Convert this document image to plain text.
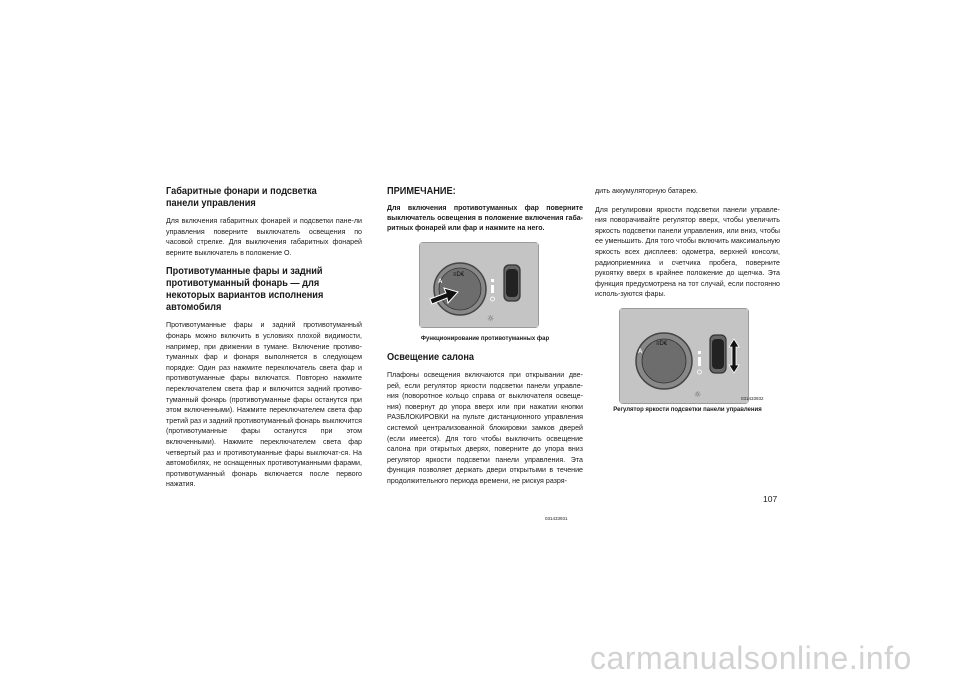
Габаритные фонари и подсветка панели управления

Для включения габаритных фонарей и подсветки пане-ли управления поверните выключатель освещения по часовой стрелке. Для выключения габаритных фонарей верните выключатель в положение O.

Противотуманные фары и задний противотуманный фонарь — для некоторых вариантов исполнения автомобиля

Противотуманные фары и задний противотуманный фонарь можно включить в условиях плохой видимости, например, при движении в тумане. Включение противо-туманных фар и фонаря выполняется в следующем порядке: Один раз нажмите переключатель света фар и противотуманные фары включатся. Повторно нажмите переключателем света фар и включится задний противо-туманный фонарь (противотуманные фары останутся при этом включенными). Нажмите переключателем света фар третий раз и задний противотуманный фонарь выключится (противотуманные фары останутся при этом включенными). Нажмите переключателем света фар четвертый раз и противотуманные фары выключат-ся. На автомобилях, не оснащенных противотуманными фарами, противотуманный фонарь включается после первого нажатия.

ПРИМЕЧАНИЕ:

Для включения противотуманных фар поверните выключатель освещения в положение включения габа-ритных фонарей или фар и нажмите на него.

≡D€
☼
A
031433931
Функционирование противотуманных фар
Освещение салона

Плафоны освещения включаются при открывании две-рей, если регулятор яркости подсветки панели управле-ния (поворотное кольцо справа от выключателя освеще-ния) повернут до упора вверх или при нажатии кнопки РАЗБЛОКИРОВКИ на пульте дистанционного управления системой централизованной блокировки замков дверей (если имеется). Для того чтобы выключить освещение салона при открытых дверях, поверните до упора вниз регулятор яркости подсветки панели управления. Эта функция позволяет держать двери открытыми в течение продолжительного периода времени, не рискуя разря-

дить аккумуляторную батарею.

Для регулировки яркости подсветки панели управле-ния поворачивайте регулятор вверх, чтобы увеличить яркость подсветки панели управления, или вниз, чтобы ее уменьшить. Для того чтобы включить максимальную яркость всех дисплеев: одометра, верхней консоли, радиоприемника и счетчика пробега, поверните рукоятку вверх в крайнее положение до щелчка. Эта функция предусмотрена на тот случай, если постоянно исполь-зуются фары.

≡D€
A
☼	031433932
Регулятор яркости подсветки панели управления
107
carmanualsonline.info
